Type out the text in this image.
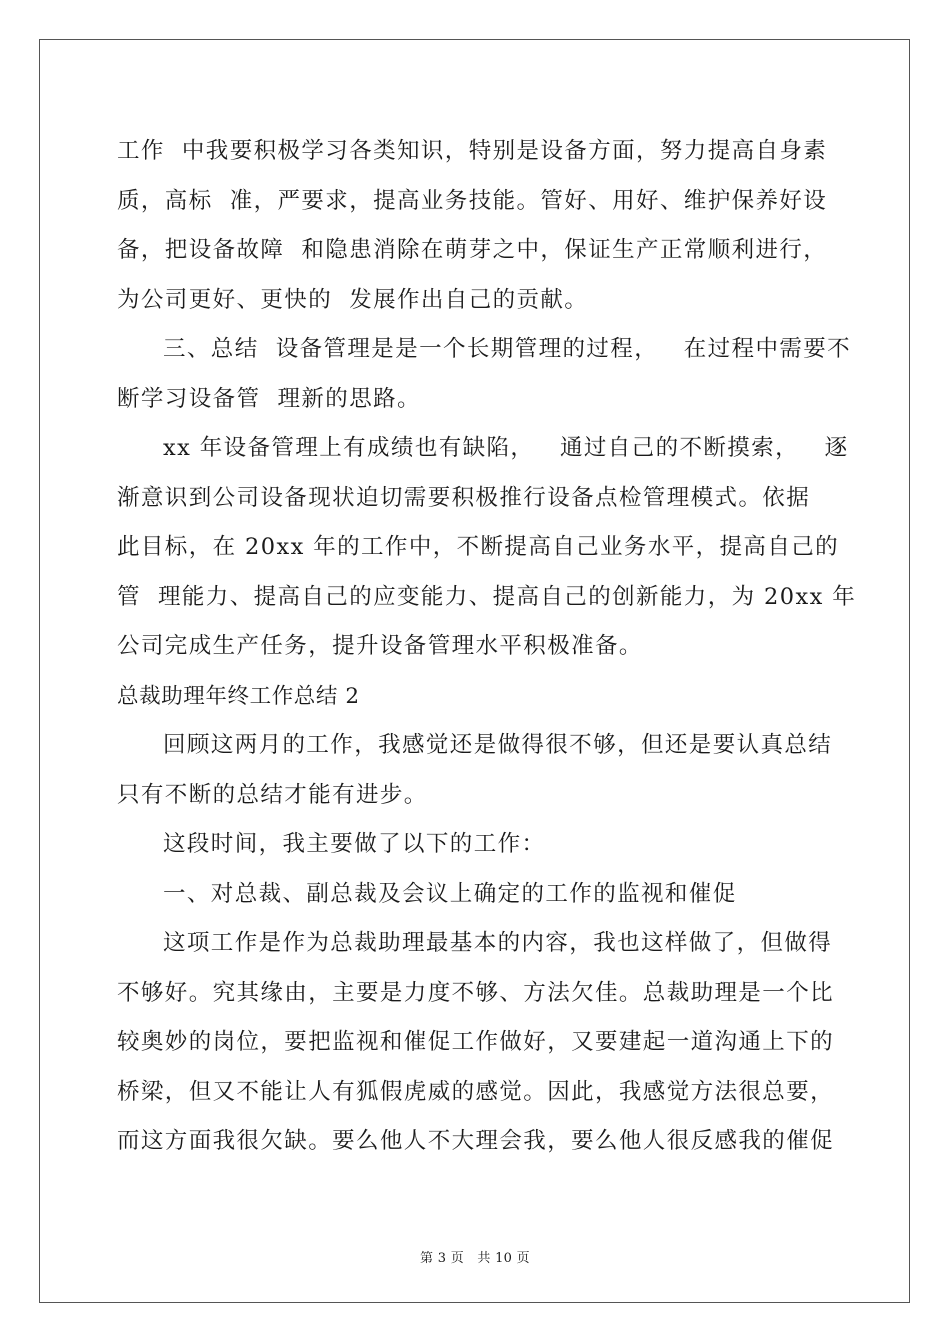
工作  中我要积极学习各类知识，特别是设备方面，努力提高自身素
质，高标  准，严要求，提高业务技能。管好、用好、维护保养好设
备，把设备故障  和隐患消除在萌芽之中，保证生产正常顺利进行，
为公司更好、更快的  发展作出自己的贡献。
三、总结  设备管理是是一个长期管理的过程，   在过程中需要不
断学习设备管  理新的思路。
xx 年设备管理上有成绩也有缺陷，   通过自己的不断摸索，   逐
渐意识到公司设备现状迫切需要积极推行设备点检管理模式。依据
此目标，在 20xx 年的工作中，不断提高自己业务水平，提高自己的
管  理能力、提高自己的应变能力、提高自己的创新能力，为 20xx 年
公司完成生产任务，提升设备管理水平积极准备。
总裁助理年终工作总结 2
回顾这两月的工作，我感觉还是做得很不够，但还是要认真总结
只有不断的总结才能有进步。
这段时间，我主要做了以下的工作：
一、对总裁、副总裁及会议上确定的工作的监视和催促
这项工作是作为总裁助理最基本的内容，我也这样做了，但做得
不够好。究其缘由，主要是力度不够、方法欠佳。总裁助理是一个比
较奥妙的岗位，要把监视和催促工作做好，又要建起一道沟通上下的
桥梁，但又不能让人有狐假虎威的感觉。因此，我感觉方法很总要，
而这方面我很欠缺。要么他人不大理会我，要么他人很反感我的催促
第 3 页 共 10 页
